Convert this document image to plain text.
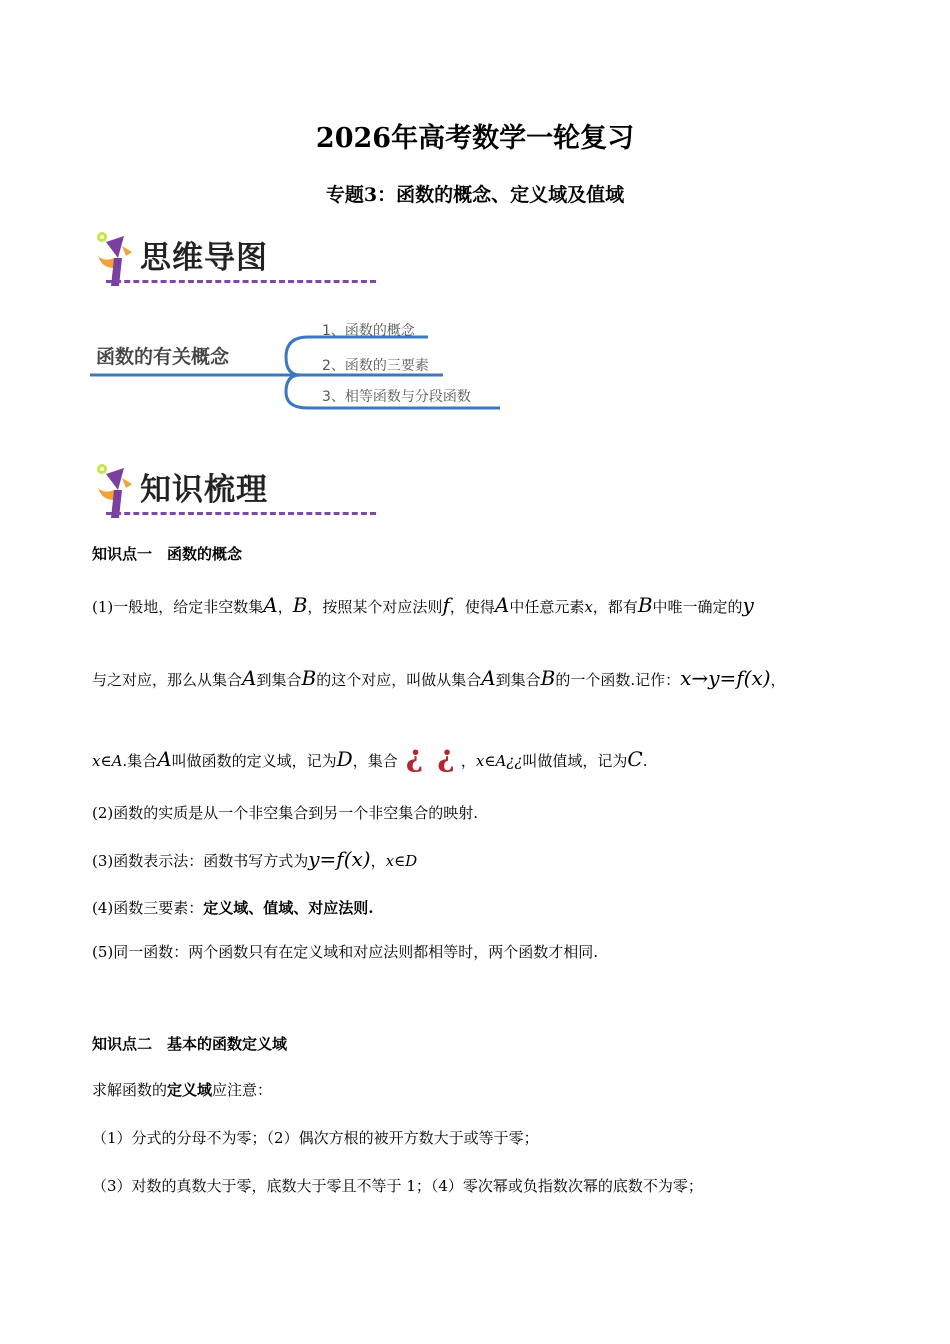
2026年高考数学一轮复习
专题3：函数的概念、定义域及值域
思维导图
函数的有关概念
1、函数的概念
2、函数的三要素
3、相等函数与分段函数
知识梳理
知识点一　函数的概念
(1)一般地，给定非空数集A，B，按照某个对应法则f，使得A中任意元素x，都有B中唯一确定的y
与之对应，那么从集合A到集合B的这个对应，叫做从集合A到集合B的一个函数.记作：x→y=f(x)，
x∈A.集合A叫做函数的定义域，记为D，集合 ¿ ¿ ，x∈A¿¿叫做值域，记为C.
(2)函数的实质是从一个非空集合到另一个非空集合的映射.
(3)函数表示法：函数书写方式为y=f(x)，x∈D
(4)函数三要素：定义域、值域、对应法则.
(5)同一函数：两个函数只有在定义域和对应法则都相等时，两个函数才相同.
知识点二　基本的函数定义域
求解函数的定义域应注意：
（1）分式的分母不为零；（2）偶次方根的被开方数大于或等于零；
（3）对数的真数大于零，底数大于零且不等于 1；（4）零次幂或负指数次幂的底数不为零；
